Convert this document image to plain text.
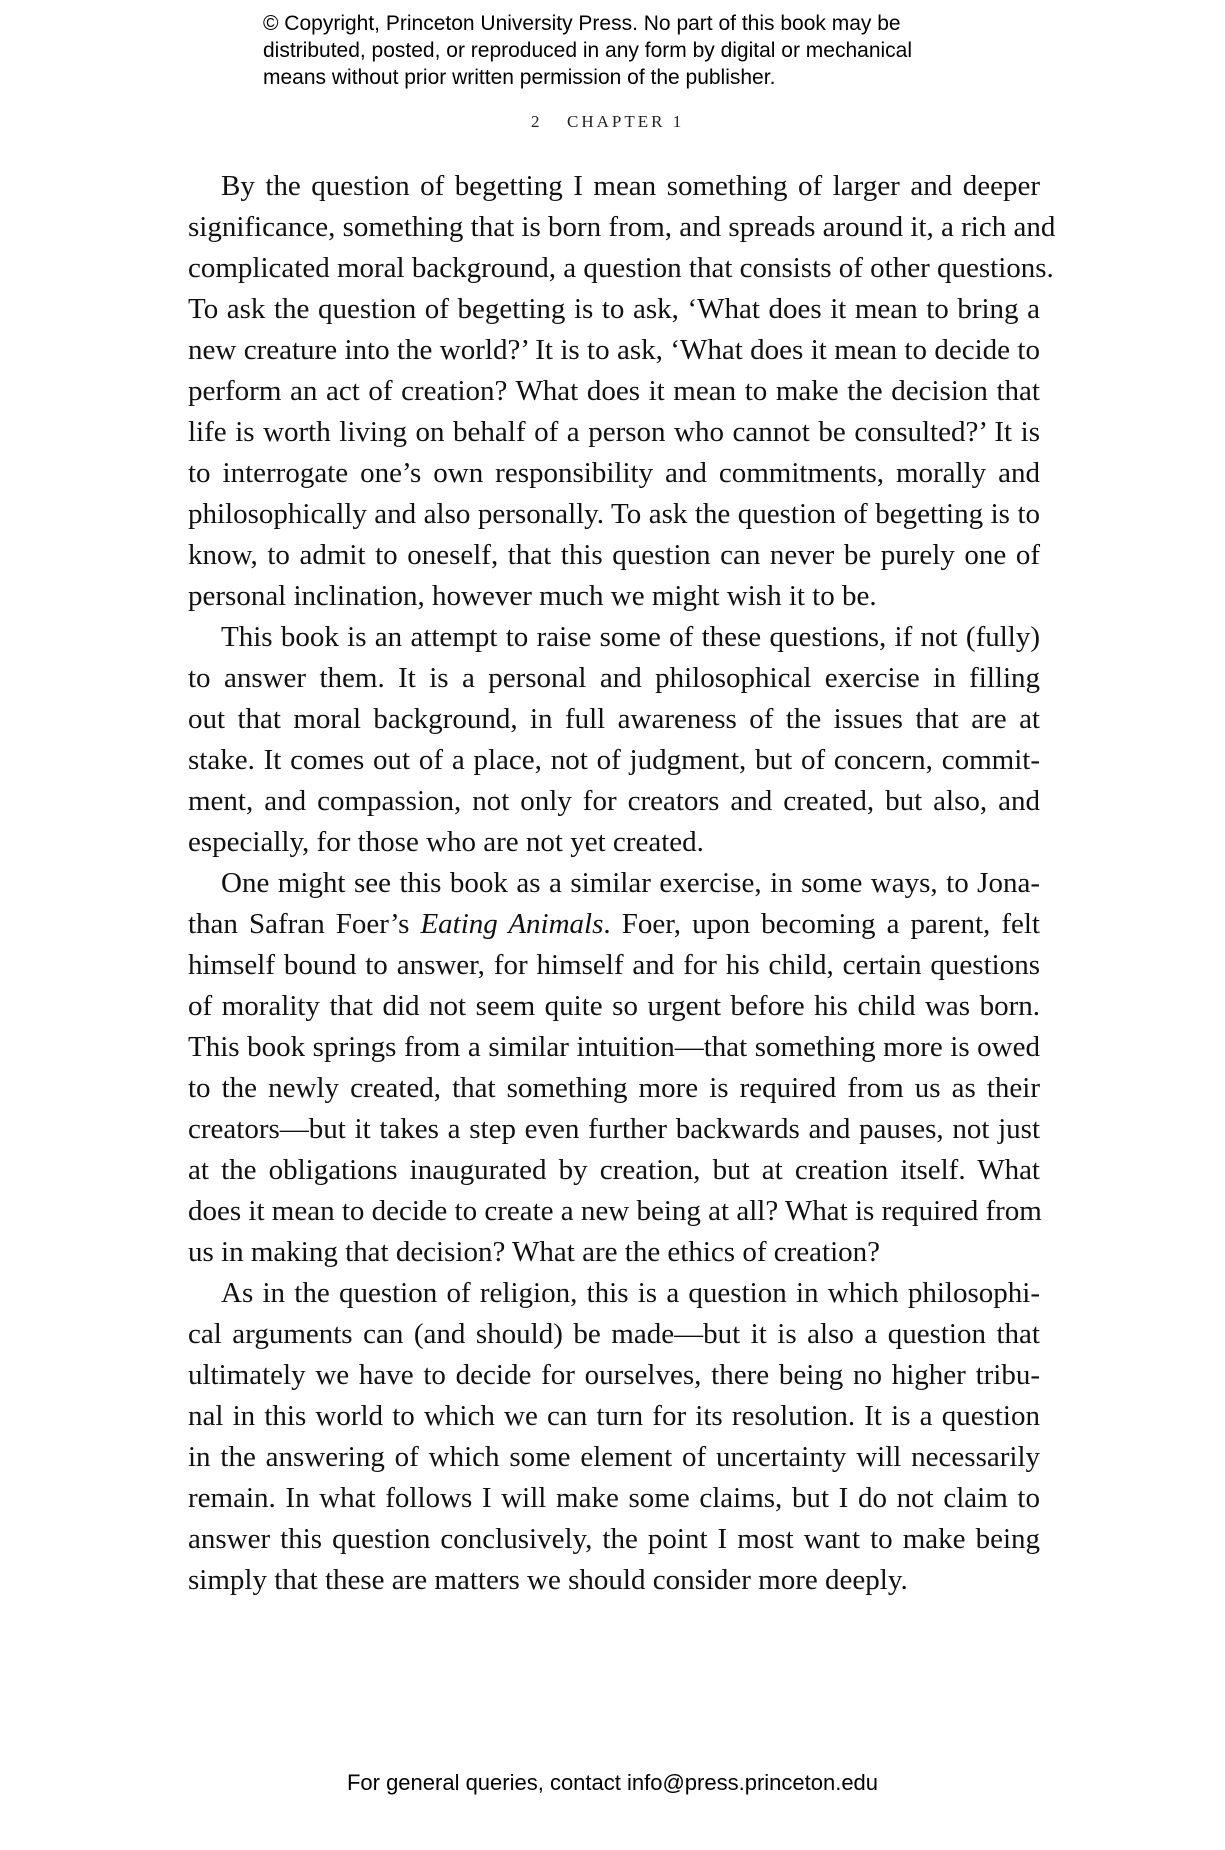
© Copyright, Princeton University Press. No part of this book may be
distributed, posted, or reproduced in any form by digital or mechanical
means without prior written permission of the publisher.
2 CHAPTER 1
By the question of begetting I mean something of larger and deeper
significance, something that is born from, and spreads around it, a rich and
complicated moral background, a question that consists of other questions.
To ask the question of begetting is to ask, ‘What does it mean to bring a
new creature into the world?’ It is to ask, ‘What does it mean to decide to
perform an act of creation? What does it mean to make the decision that
life is worth living on behalf of a person who cannot be consulted?’ It is
to interrogate one’s own responsibility and commitments, morally and
philosophically and also personally. To ask the question of begetting is to
know, to admit to oneself, that this question can never be purely one of
personal inclination, however much we might wish it to be.
This book is an attempt to raise some of these questions, if not (fully)
to answer them. It is a personal and philosophical exercise in filling
out that moral background, in full awareness of the issues that are at
stake. It comes out of a place, not of judgment, but of concern, commit-
ment, and compassion, not only for creators and created, but also, and
especially, for those who are not yet created.
One might see this book as a similar exercise, in some ways, to Jona-
than Safran Foer’s Eating Animals. Foer, upon becoming a parent, felt
himself bound to answer, for himself and for his child, certain questions
of morality that did not seem quite so urgent before his child was born.
This book springs from a similar intuition—that something more is owed
to the newly created, that something more is required from us as their
creators—but it takes a step even further backwards and pauses, not just
at the obligations inaugurated by creation, but at creation itself. What
does it mean to decide to create a new being at all? What is required from
us in making that decision? What are the ethics of creation?
As in the question of religion, this is a question in which philosophi-
cal arguments can (and should) be made—but it is also a question that
ultimately we have to decide for ourselves, there being no higher tribu-
nal in this world to which we can turn for its resolution. It is a question
in the answering of which some element of uncertainty will necessarily
remain. In what follows I will make some claims, but I do not claim to
answer this question conclusively, the point I most want to make being
simply that these are matters we should consider more deeply.
For general queries, contact info@press.princeton.edu
